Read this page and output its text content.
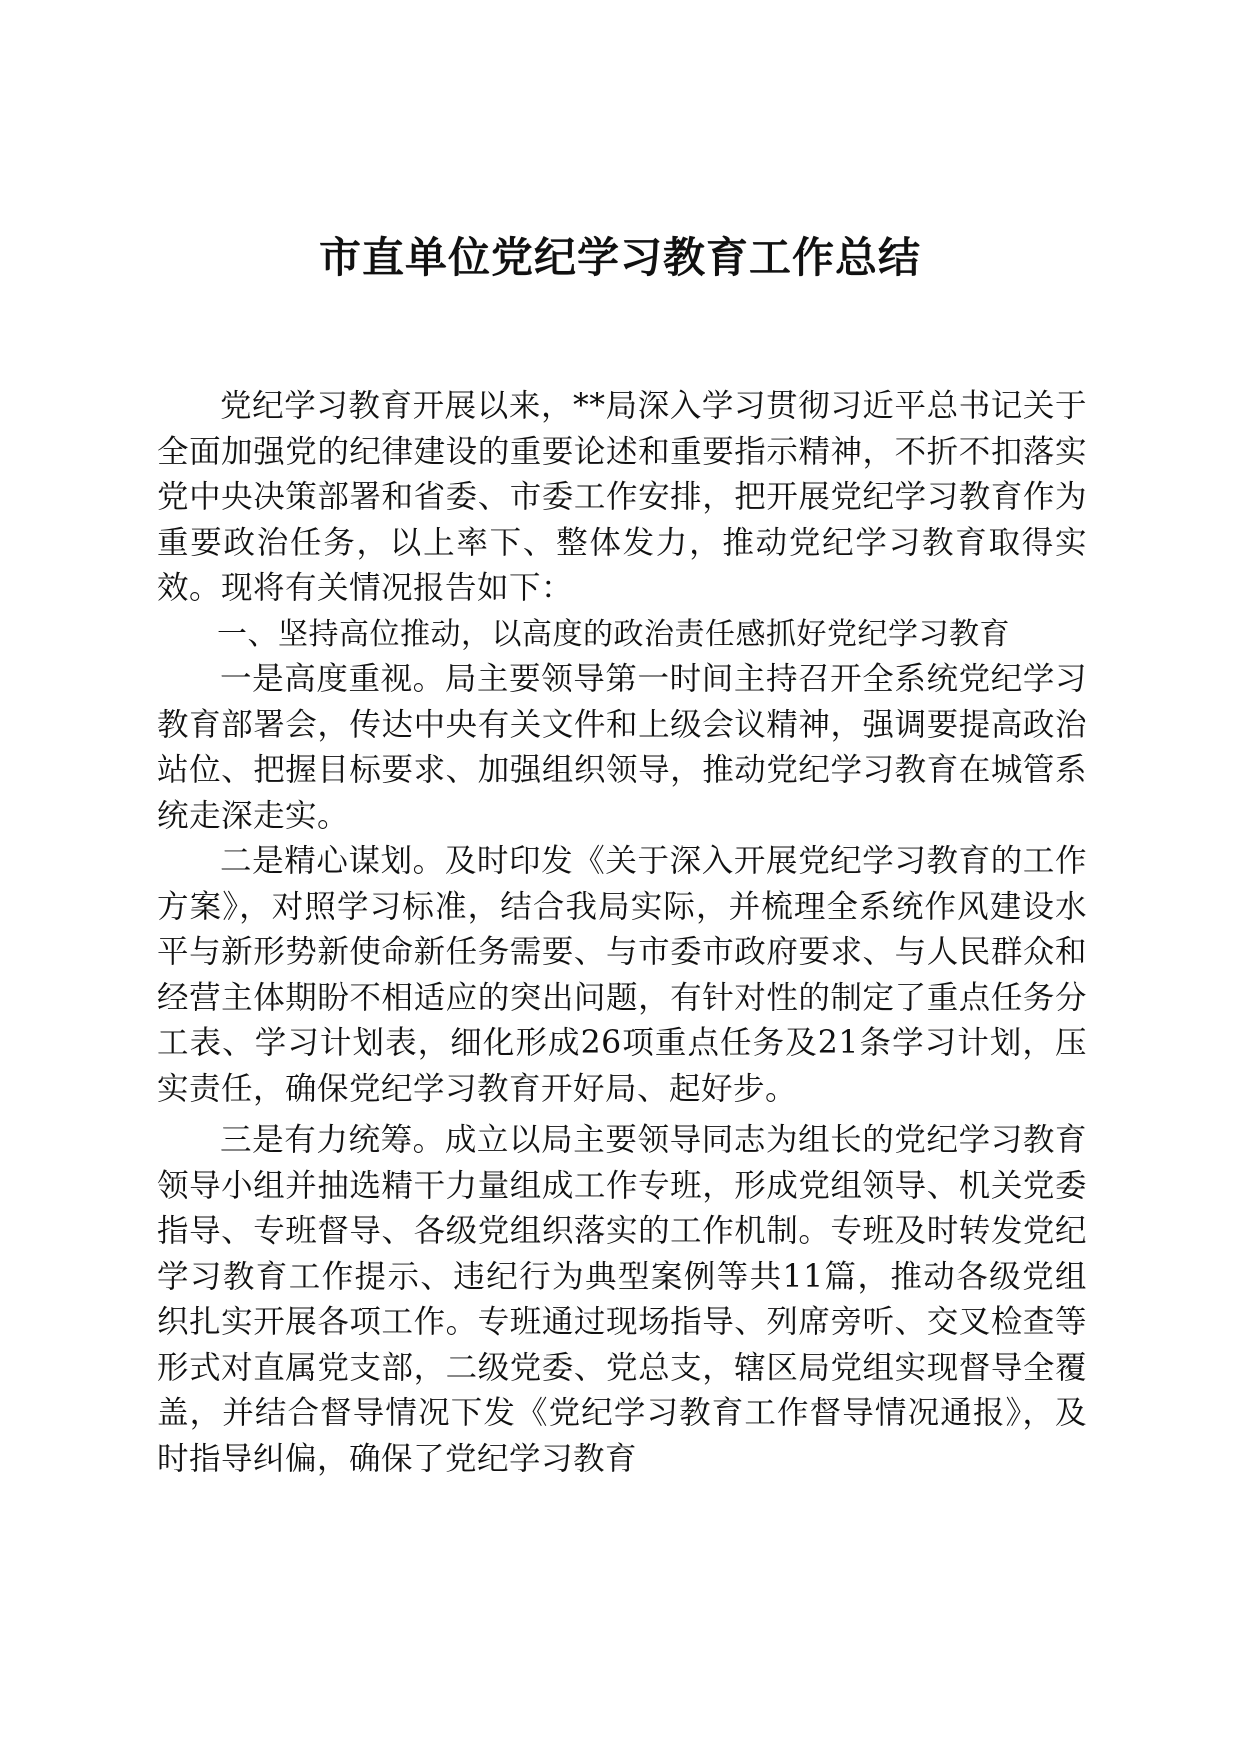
市直单位党纪学习教育工作总结

党纪学习教育开展以来，**局深入学习贯彻习近平总书记关于全面加强党的纪律建设的重要论述和重要指示精神，不折不扣落实党中央决策部署和省委、市委工作安排，把开展党纪学习教育作为重要政治任务，以上率下、整体发力，推动党纪学习教育取得实效。现将有关情况报告如下：

一、坚持高位推动，以高度的政治责任感抓好党纪学习教育

一是高度重视。局主要领导第一时间主持召开全系统党纪学习教育部署会，传达中央有关文件和上级会议精神，强调要提高政治站位、把握目标要求、加强组织领导，推动党纪学习教育在城管系统走深走实。

二是精心谋划。及时印发《关于深入开展党纪学习教育的工作方案》，对照学习标准，结合我局实际，并梳理全系统作风建设水平与新形势新使命新任务需要、与市委市政府要求、与人民群众和经营主体期盼不相适应的突出问题，有针对性的制定了重点任务分工表、学习计划表，细化形成26项重点任务及21条学习计划，压实责任，确保党纪学习教育开好局、起好步。

三是有力统筹。成立以局主要领导同志为组长的党纪学习教育领导小组并抽选精干力量组成工作专班，形成党组领导、机关党委指导、专班督导、各级党组织落实的工作机制。专班及时转发党纪学习教育工作提示、违纪行为典型案例等共11篇，推动各级党组织扎实开展各项工作。专班通过现场指导、列席旁听、交叉检查等形式对直属党支部，二级党委、党总支，辖区局党组实现督导全覆盖，并结合督导情况下发《党纪学习教育工作督导情况通报》，及时指导纠偏，确保了党纪学习教育
